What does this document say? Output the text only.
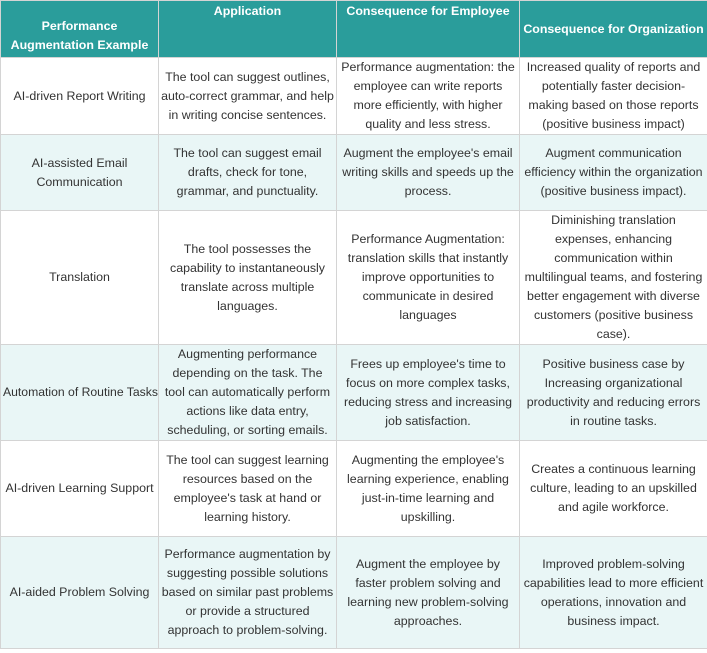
Performance Augmentation Example	Application	Consequence for Employee	Consequence for Organization
AI-driven Report Writing	The tool can suggest outlines, auto-correct grammar, and help in writing concise sentences.	Performance augmentation: the employee can write reports more efficiently, with higher quality and less stress.	Increased quality of reports and potentially faster decision-making based on those reports (positive business impact)
AI-assisted Email Communication	The tool can suggest email drafts, check for tone, grammar, and punctuality.	Augment the employee's email writing skills and speeds up the process.	Augment communication efficiency within the organization (positive business impact).
Translation	The tool possesses the capability to instantaneously translate across multiple languages.	Performance Augmentation: translation skills that instantly improve opportunities to communicate in desired languages	Diminishing translation expenses, enhancing communication within multilingual teams, and fostering better engagement with diverse customers (positive business case).
Automation of Routine Tasks	Augmenting performance depending on the task. The tool can automatically perform actions like data entry, scheduling, or sorting emails.	Frees up employee's time to focus on more complex tasks, reducing stress and increasing job satisfaction.	Positive business case by Increasing organizational productivity and reducing errors in routine tasks.
AI-driven Learning Support	The tool can suggest learning resources based on the employee's task at hand or learning history.	Augmenting the employee's learning experience, enabling just-in-time learning and upskilling.	Creates a continuous learning culture, leading to an upskilled and agile workforce.
AI-aided Problem Solving	Performance augmentation by suggesting possible solutions based on similar past problems or provide a structured approach to problem-solving.	Augment the employee by faster problem solving and learning new problem-solving approaches.	Improved problem-solving capabilities lead to more efficient operations, innovation and business impact.
